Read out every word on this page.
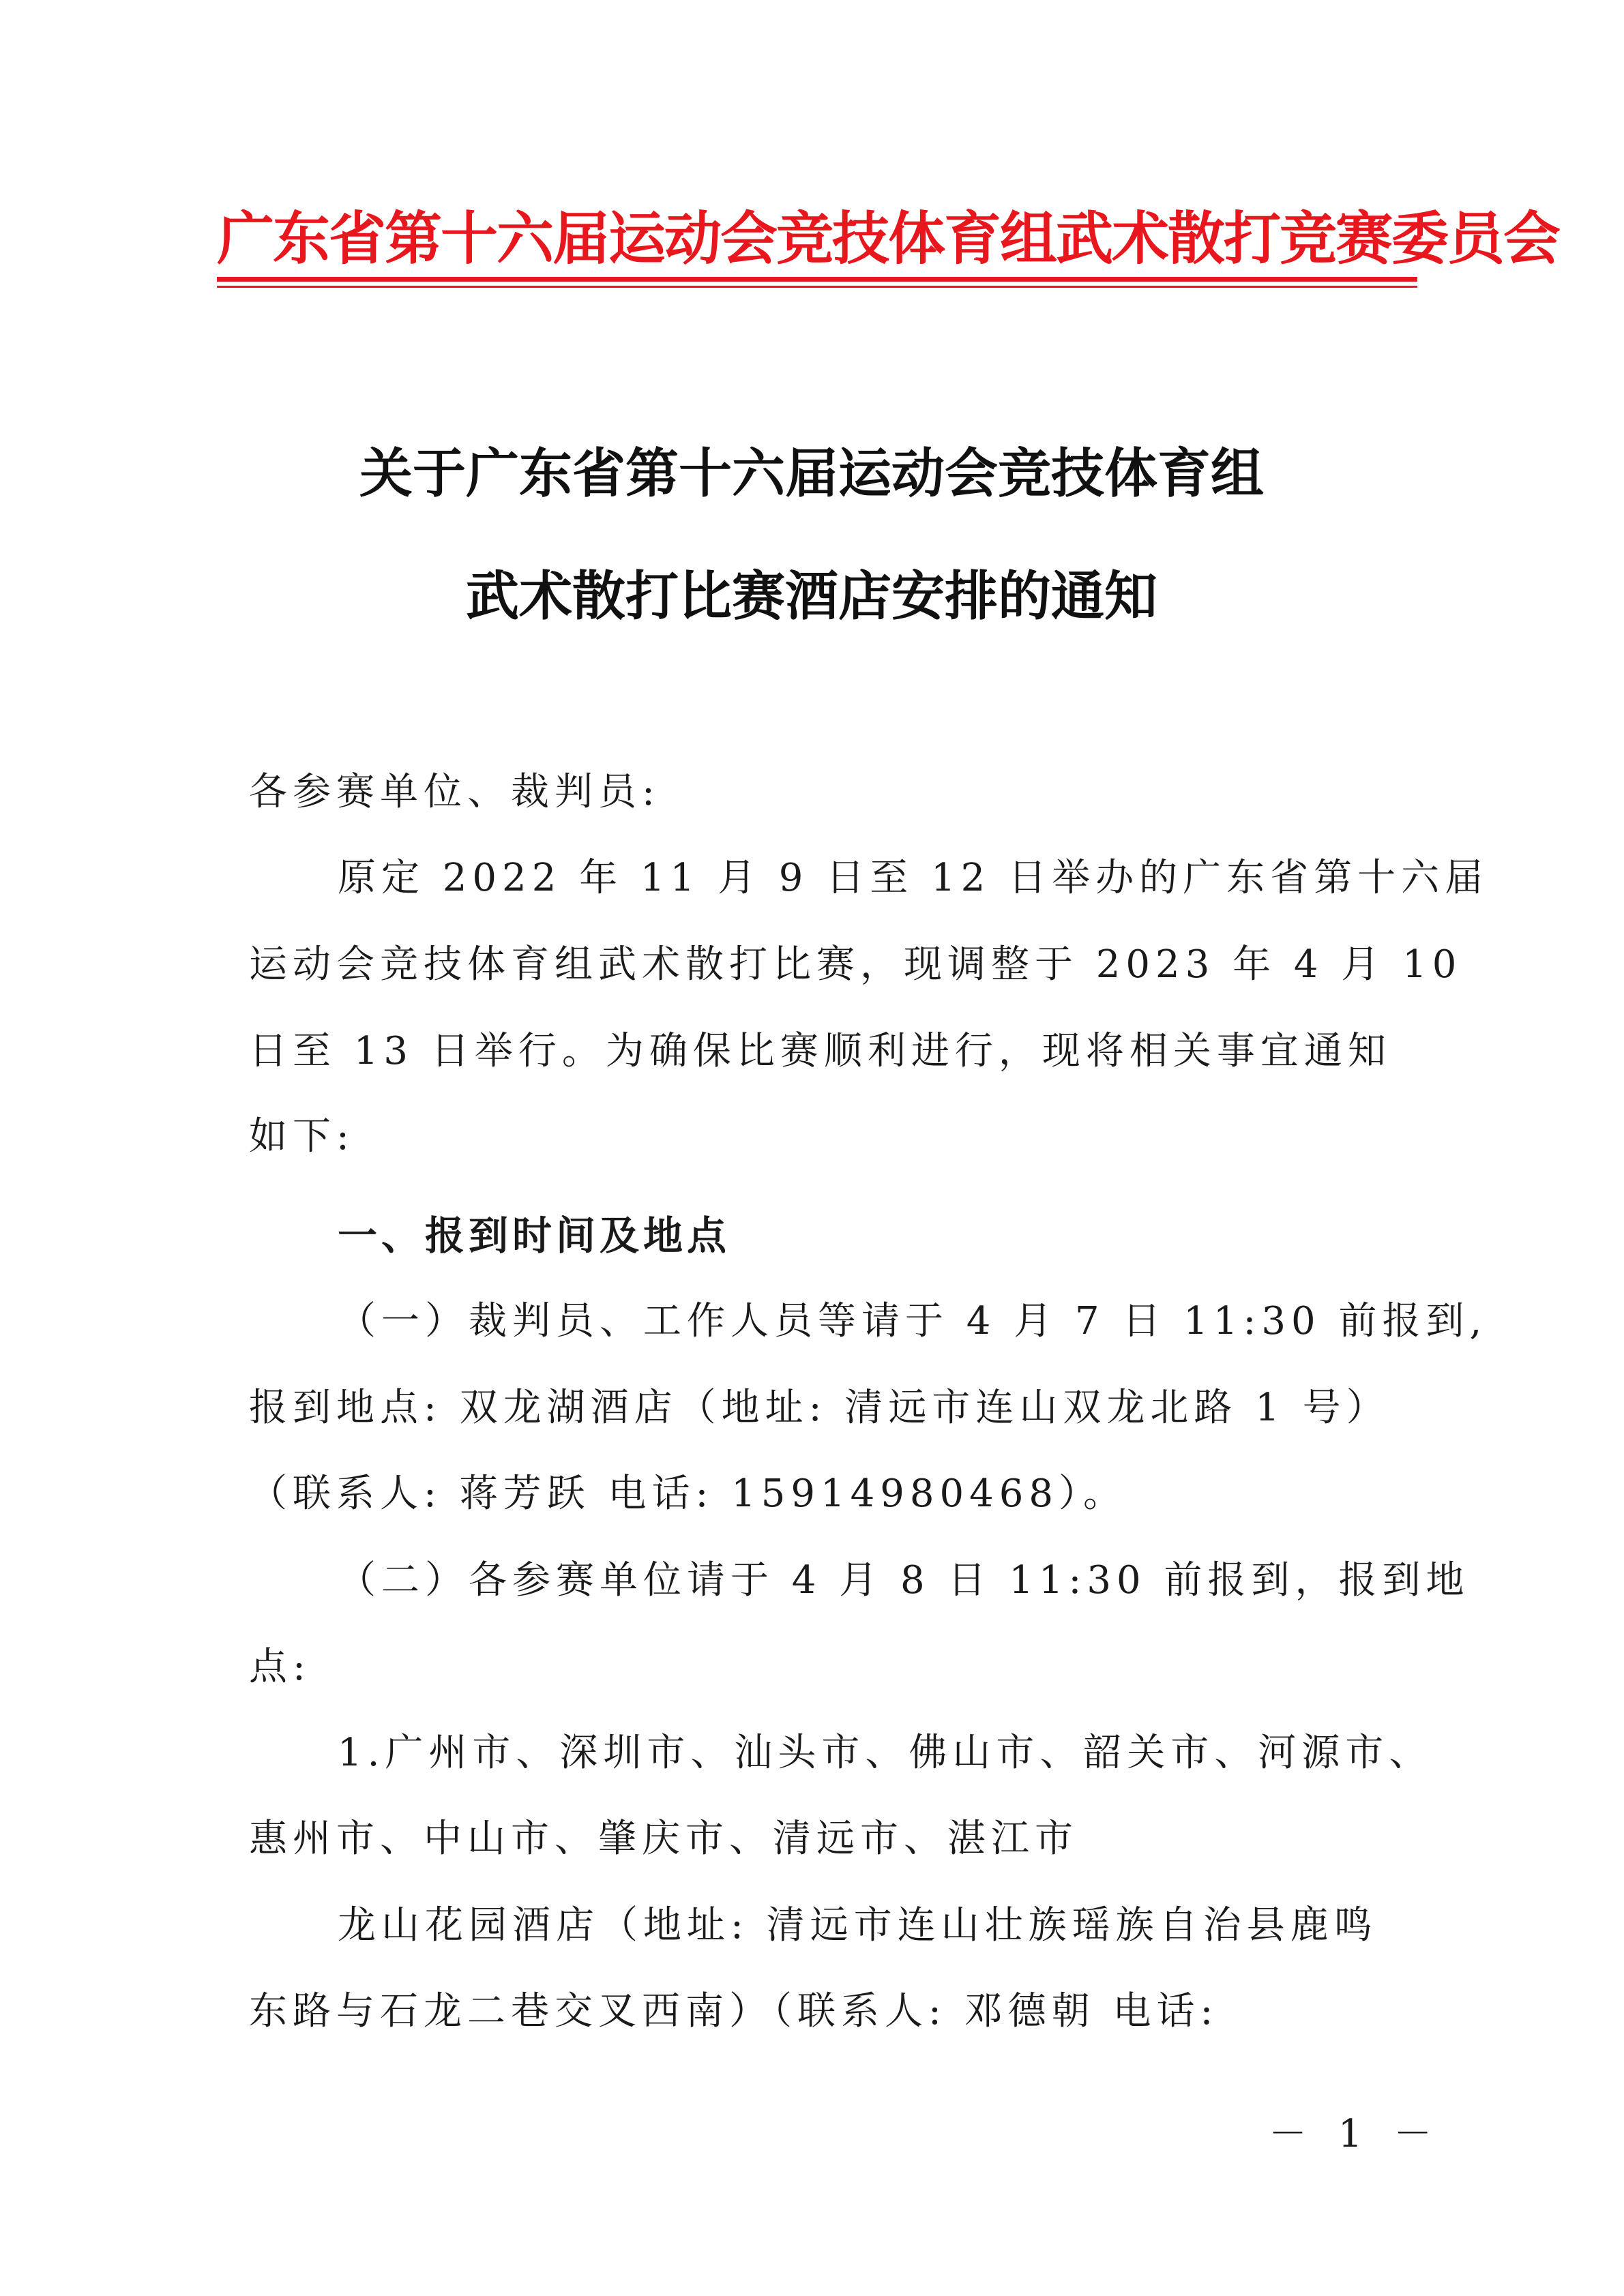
广东省第十六届运动会竞技体育组武术散打竞赛委员会
关于广东省第十六届运动会竞技体育组
武术散打比赛酒店安排的通知
各参赛单位、裁判员:
原定 2022 年 11 月 9 日至 12 日举办的广东省第十六届
运动会竞技体育组武术散打比赛，现调整于 2023 年 4 月 10
日至 13 日举行。为确保比赛顺利进行，现将相关事宜通知
如下:
一、报到时间及地点
（一）裁判员、工作人员等请于 4 月 7 日 11:30 前报到,
报到地点: 双龙湖酒店（地址: 清远市连山双龙北路 1 号）
（联系人: 蒋芳跃 电话: 15914980468）。
（二）各参赛单位请于 4 月 8 日 11:30 前报到，报到地
点:
1.广州市、深圳市、汕头市、佛山市、韶关市、河源市、
惠州市、中山市、肇庆市、清远市、湛江市
龙山花园酒店（地址: 清远市连山壮族瑶族自治县鹿鸣
东路与石龙二巷交叉西南）（联系人: 邓德朝 电话:
－ 1 －
